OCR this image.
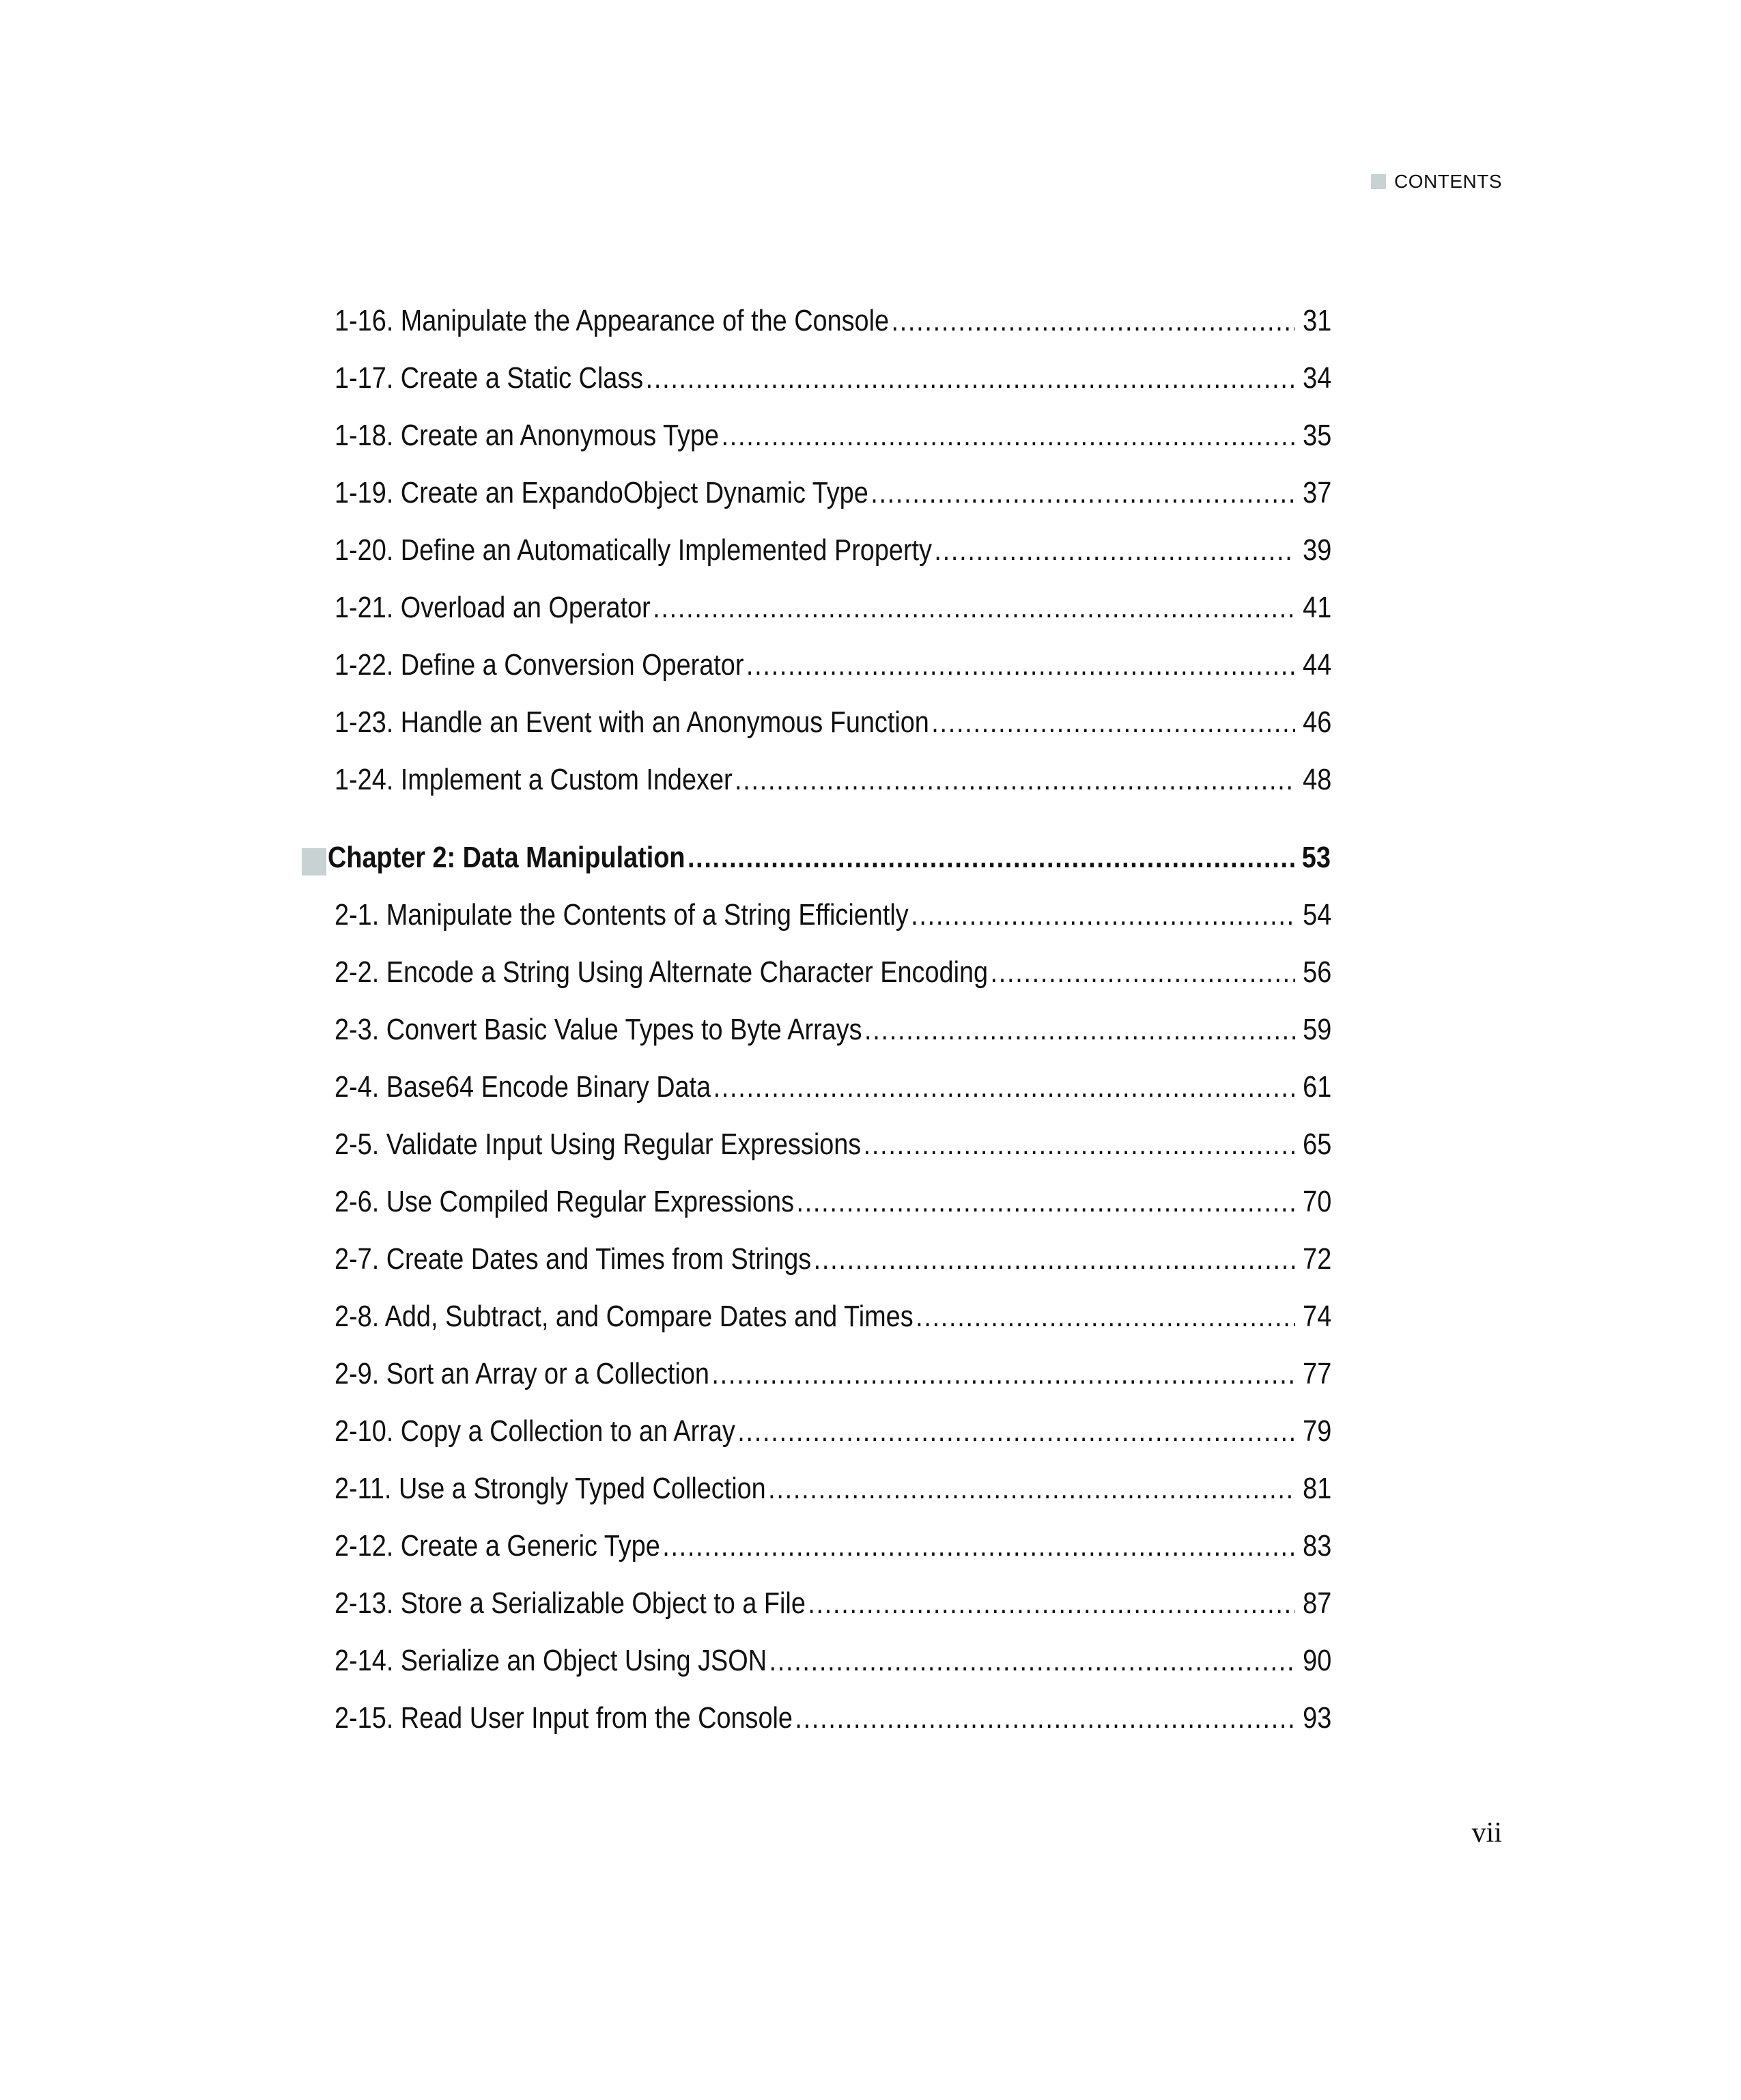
CONTENTS
1-16. Manipulate the Appearance of the Console .....	31
1-17. Create a Static Class .....	34
1-18. Create an Anonymous Type .....	35
1-19. Create an ExpandoObject Dynamic Type .....	37
1-20. Define an Automatically Implemented Property .....	39
1-21. Overload an Operator .....	41
1-22. Define a Conversion Operator .....	44
1-23. Handle an Event with an Anonymous Function .....	46
1-24. Implement a Custom Indexer .....	48
Chapter 2: Data Manipulation .....	53
2-1. Manipulate the Contents of a String Efficiently .....	54
2-2. Encode a String Using Alternate Character Encoding .....	56
2-3. Convert Basic Value Types to Byte Arrays .....	59
2-4. Base64 Encode Binary Data .....	61
2-5. Validate Input Using Regular Expressions .....	65
2-6. Use Compiled Regular Expressions .....	70
2-7. Create Dates and Times from Strings .....	72
2-8. Add, Subtract, and Compare Dates and Times .....	74
2-9. Sort an Array or a Collection .....	77
2-10. Copy a Collection to an Array .....	79
2-11. Use a Strongly Typed Collection .....	81
2-12. Create a Generic Type .....	83
2-13. Store a Serializable Object to a File .....	87
2-14. Serialize an Object Using JSON .....	90
2-15. Read User Input from the Console .....	93
vii
